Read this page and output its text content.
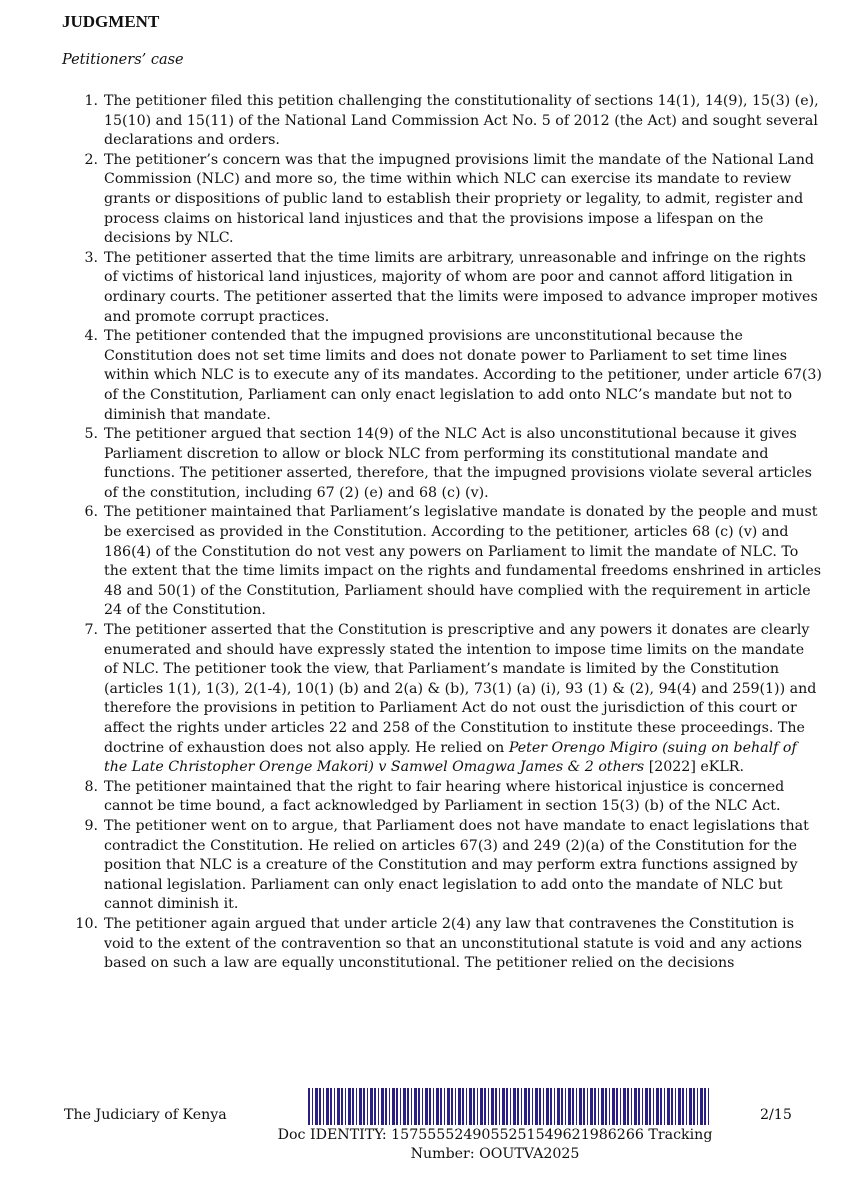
JUDGMENT
Petitioners’ case
1. The petitioner filed this petition challenging the constitutionality of sections 14(1), 14(9), 15(3) (e), 15(10) and 15(11) of the National Land Commission Act No. 5 of 2012 (the Act) and sought several declarations and orders.
2. The petitioner’s concern was that the impugned provisions limit the mandate of the National Land Commission (NLC) and more so, the time within which NLC can exercise its mandate to review grants or dispositions of public land to establish their propriety or legality, to admit, register and process claims on historical land injustices and that the provisions impose a lifespan on the decisions by NLC.
3. The petitioner asserted that the time limits are arbitrary, unreasonable and infringe on the rights of victims of historical land injustices, majority of whom are poor and cannot afford litigation in ordinary courts. The petitioner asserted that the limits were imposed to advance improper motives and promote corrupt practices.
4. The petitioner contended that the impugned provisions are unconstitutional because the Constitution does not set time limits and does not donate power to Parliament to set time lines within which NLC is to execute any of its mandates. According to the petitioner, under article 67(3) of the Constitution, Parliament can only enact legislation to add onto NLC’s mandate but not to diminish that mandate.
5. The petitioner argued that section 14(9) of the NLC Act is also unconstitutional because it gives Parliament discretion to allow or block NLC from performing its constitutional mandate and functions. The petitioner asserted, therefore, that the impugned provisions violate several articles of the constitution, including 67 (2) (e) and 68 (c) (v).
6. The petitioner maintained that Parliament’s legislative mandate is donated by the people and must be exercised as provided in the Constitution. According to the petitioner, articles 68 (c) (v) and 186(4) of the Constitution do not vest any powers on Parliament to limit the mandate of NLC. To the extent that the time limits impact on the rights and fundamental freedoms enshrined in articles 48 and 50(1) of the Constitution, Parliament should have complied with the requirement in article 24 of the Constitution.
7. The petitioner asserted that the Constitution is prescriptive and any powers it donates are clearly enumerated and should have expressly stated the intention to impose time limits on the mandate of NLC. The petitioner took the view, that Parliament’s mandate is limited by the Constitution (articles 1(1), 1(3), 2(1-4), 10(1) (b) and 2(a) & (b), 73(1) (a) (i), 93 (1) & (2), 94(4) and 259(1)) and therefore the provisions in petition to Parliament Act do not oust the jurisdiction of this court or affect the rights under articles 22 and 258 of the Constitution to institute these proceedings. The doctrine of exhaustion does not also apply. He relied on Peter Orengo Migiro (suing on behalf of the Late Christopher Orenge Makori) v Samwel Omagwa James & 2 others [2022] eKLR.
8. The petitioner maintained that the right to fair hearing where historical injustice is concerned cannot be time bound, a fact acknowledged by Parliament in section 15(3) (b) of the NLC Act.
9. The petitioner went on to argue, that Parliament does not have mandate to enact legislations that contradict the Constitution. He relied on articles 67(3) and 249 (2)(a) of the Constitution for the position that NLC is a creature of the Constitution and may perform extra functions assigned by national legislation. Parliament can only enact legislation to add onto the mandate of NLC but cannot diminish it.
10. The petitioner again argued that under article 2(4) any law that contravenes the Constitution is void to the extent of the contravention so that an unconstitutional statute is void and any actions based on such a law are equally unconstitutional. The petitioner relied on the decisions
The Judiciary of Kenya	2/15
Doc IDENTITY: 157555524905525154962198626​6 Tracking
Number: OOUTVA2025
